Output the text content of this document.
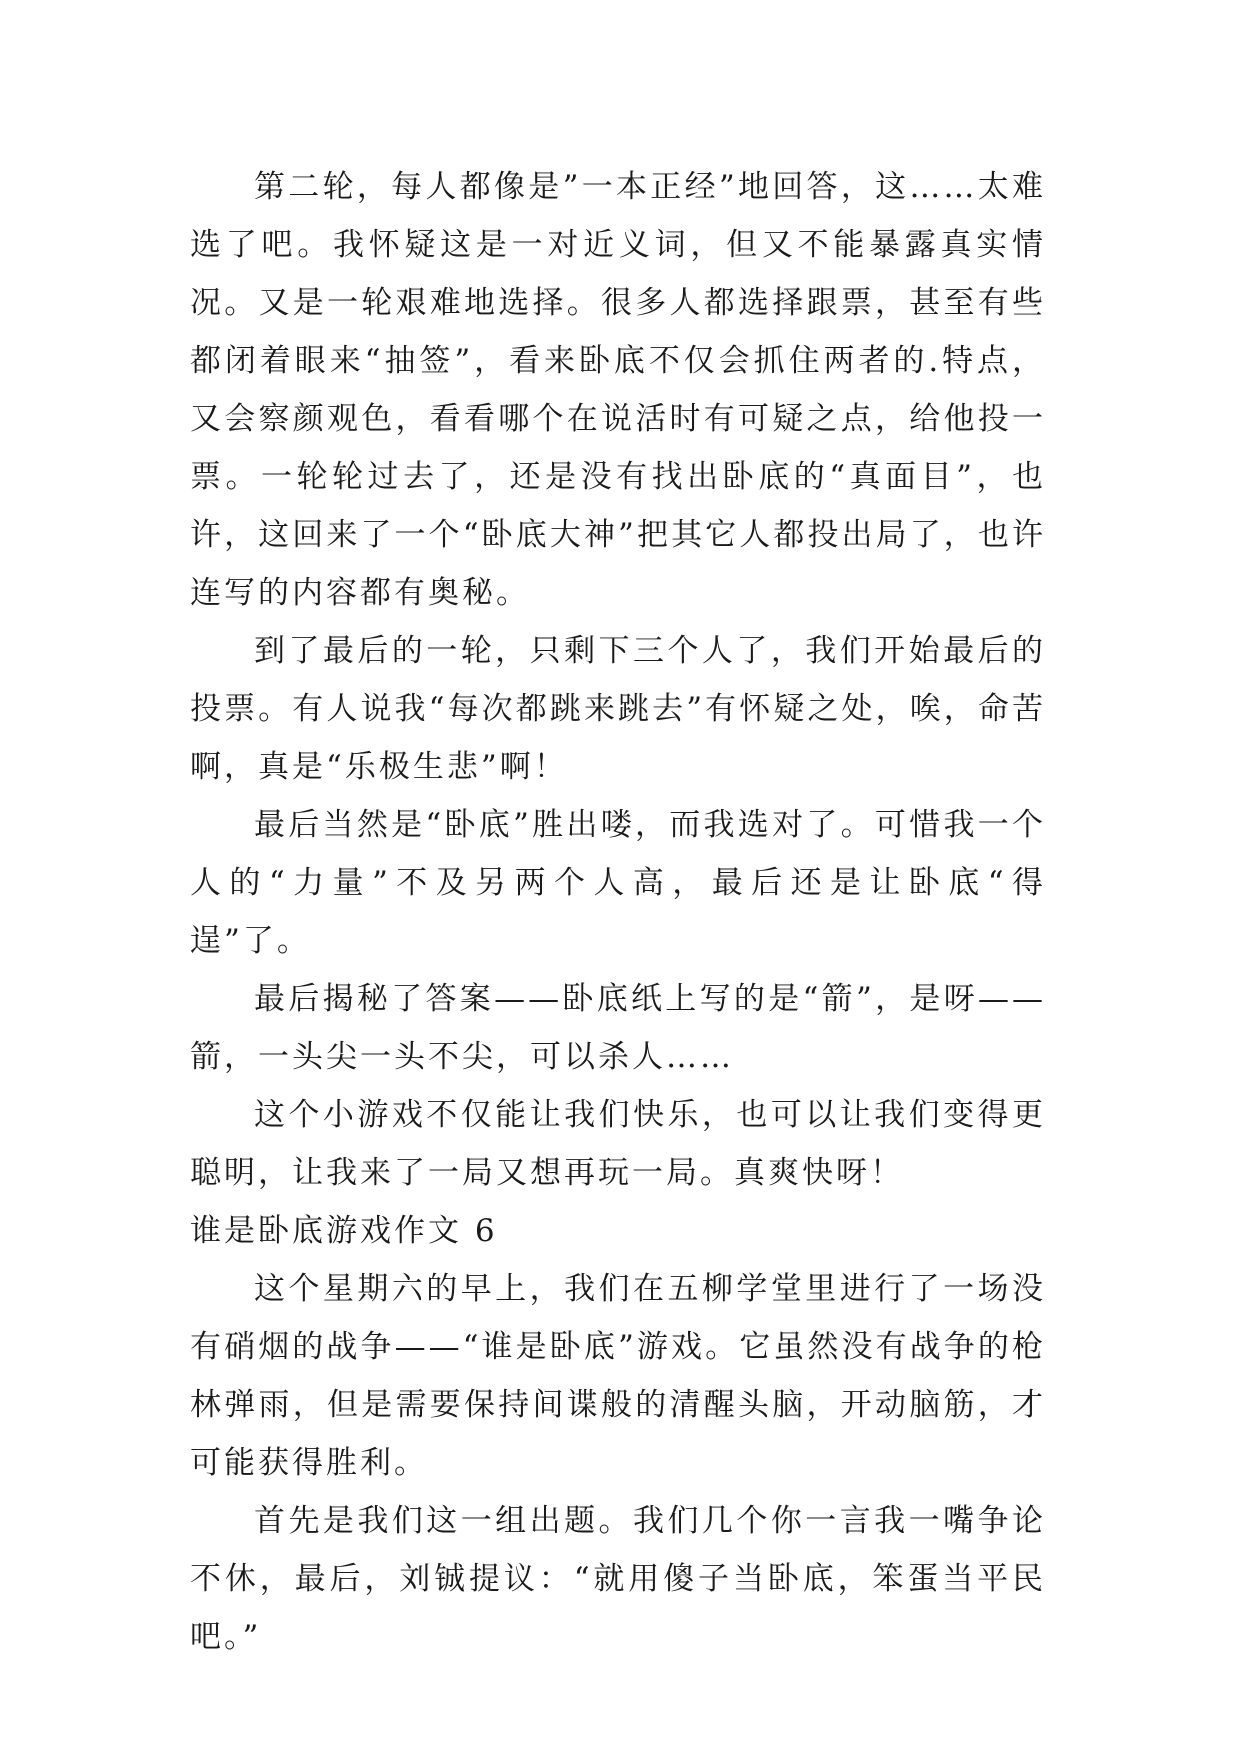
第二轮，每人都像是”一本正经”地回答，这……太难选了吧。我怀疑这是一对近义词，但又不能暴露真实情况。又是一轮艰难地选择。很多人都选择跟票，甚至有些都闭着眼来“抽签”，看来卧底不仅会抓住两者的.特点，又会察颜观色，看看哪个在说活时有可疑之点，给他投一票。一轮轮过去了，还是没有找出卧底的“真面目”，也许，这回来了一个“卧底大神”把其它人都投出局了，也许连写的内容都有奥秘。

到了最后的一轮，只剩下三个人了，我们开始最后的投票。有人说我“每次都跳来跳去”有怀疑之处，唉，命苦啊，真是“乐极生悲”啊！

最后当然是“卧底”胜出喽，而我选对了。可惜我一个人的“力量”不及另两个人高，最后还是让卧底“得逞”了。

最后揭秘了答案——卧底纸上写的是“箭”，是呀——箭，一头尖一头不尖，可以杀人……

这个小游戏不仅能让我们快乐，也可以让我们变得更聪明，让我来了一局又想再玩一局。真爽快呀！

谁是卧底游戏作文 6

这个星期六的早上，我们在五柳学堂里进行了一场没有硝烟的战争——“谁是卧底”游戏。它虽然没有战争的枪林弹雨，但是需要保持间谍般的清醒头脑，开动脑筋，才可能获得胜利。

首先是我们这一组出题。我们几个你一言我一嘴争论不休，最后，刘铖提议：“就用傻子当卧底，笨蛋当平民吧。”
